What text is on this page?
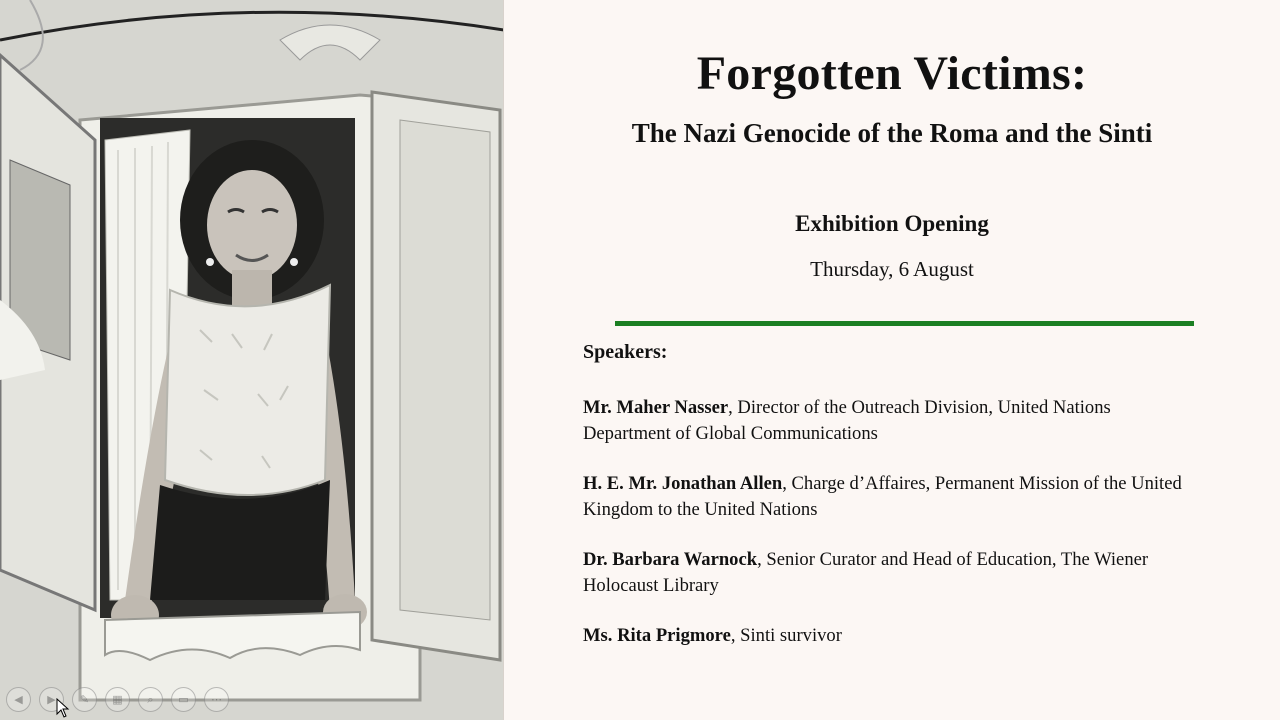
◀	▶	✎	▦	⌕	▭	⋯
Forgotten Victims:
The Nazi Genocide of the Roma and the Sinti
Exhibition Opening
Thursday, 6 August
Speakers:
Mr. Maher Nasser, Director of the Outreach Division, United Nations Department of Global Communications
H. E. Mr. Jonathan Allen, Charge d’Affaires, Permanent Mission of the United Kingdom to the United Nations
Dr. Barbara Warnock, Senior Curator and Head of Education, The Wiener Holocaust Library
Ms. Rita Prigmore, Sinti survivor
